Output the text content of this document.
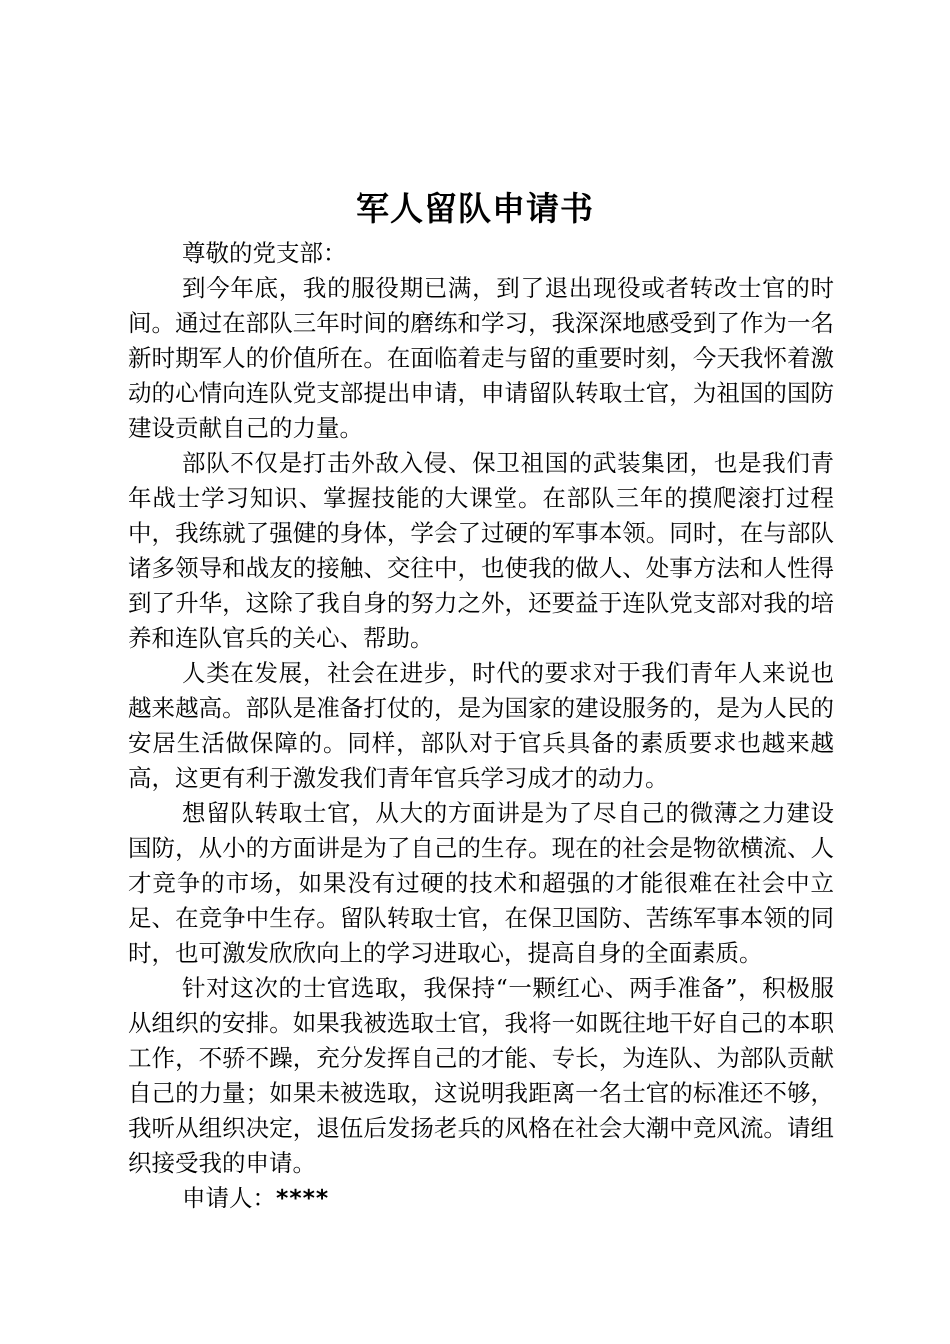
军人留队申请书

尊敬的党支部：

到今年底，我的服役期已满，到了退出现役或者转改士官的时间。通过在部队三年时间的磨练和学习，我深深地感受到了作为一名新时期军人的价值所在。在面临着走与留的重要时刻，今天我怀着激动的心情向连队党支部提出申请，申请留队转取士官，为祖国的国防建设贡献自己的力量。

部队不仅是打击外敌入侵、保卫祖国的武装集团，也是我们青年战士学习知识、掌握技能的大课堂。在部队三年的摸爬滚打过程中，我练就了强健的身体，学会了过硬的军事本领。同时，在与部队诸多领导和战友的接触、交往中，也使我的做人、处事方法和人性得到了升华，这除了我自身的努力之外，还要益于连队党支部对我的培养和连队官兵的关心、帮助。

人类在发展，社会在进步，时代的要求对于我们青年人来说也越来越高。部队是准备打仗的，是为国家的建设服务的，是为人民的安居生活做保障的。同样，部队对于官兵具备的素质要求也越来越高，这更有利于激发我们青年官兵学习成才的动力。

想留队转取士官，从大的方面讲是为了尽自己的微薄之力建设国防，从小的方面讲是为了自己的生存。现在的社会是物欲横流、人才竞争的市场，如果没有过硬的技术和超强的才能很难在社会中立足、在竞争中生存。留队转取士官，在保卫国防、苦练军事本领的同时，也可激发欣欣向上的学习进取心，提高自身的全面素质。

针对这次的士官选取，我保持“一颗红心、两手准备”，积极服从组织的安排。如果我被选取士官，我将一如既往地干好自己的本职工作，不骄不躁，充分发挥自己的才能、专长，为连队、为部队贡献自己的力量；如果未被选取，这说明我距离一名士官的标准还不够，我听从组织决定，退伍后发扬老兵的风格在社会大潮中竞风流。请组织接受我的申请。

申请人：****
